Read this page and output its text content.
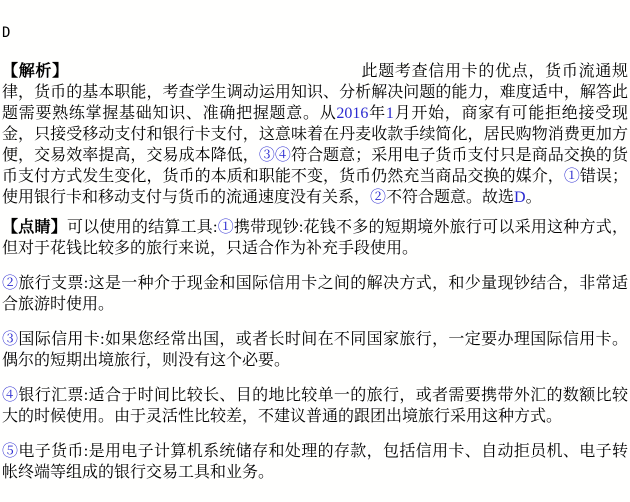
D

【解析】	此题考查信用卡的优点，货币流通规律，货币的基本职能，考查学生调动运用知识、分析解决问题的能力，难度适中，解答此题需要熟练掌握基础知识、准确把握题意。从2016年1月开始，商家有可能拒绝接受现金，只接受移动支付和银行卡支付，这意味着在丹麦收款手续简化，居民购物消费更加方便，交易效率提高，交易成本降低，③④符合题意；采用电子货币支付只是商品交换的货币支付方式发生变化，货币的本质和职能不变，货币仍然充当商品交换的媒介，①错误；使用银行卡和移动支付与货币的流通速度没有关系，②不符合题意。故选D。

【点睛】可以使用的结算工具:①携带现钞:花钱不多的短期境外旅行可以采用这种方式，但对于花钱比较多的旅行来说，只适合作为补充手段使用。

②旅行支票:这是一种介于现金和国际信用卡之间的解决方式，和少量现钞结合，非常适合旅游时使用。

③国际信用卡:如果您经常出国，或者长时间在不同国家旅行，一定要办理国际信用卡。偶尔的短期出境旅行，则没有这个必要。

④银行汇票:适合于时间比较长、目的地比较单一的旅行，或者需要携带外汇的数额比较大的时候使用。由于灵活性比较差，不建议普通的跟团出境旅行采用这种方式。

⑤电子货币:是用电子计算机系统储存和处理的存款，包括信用卡、自动拒员机、电子转帐终端等组成的银行交易工具和业务。
